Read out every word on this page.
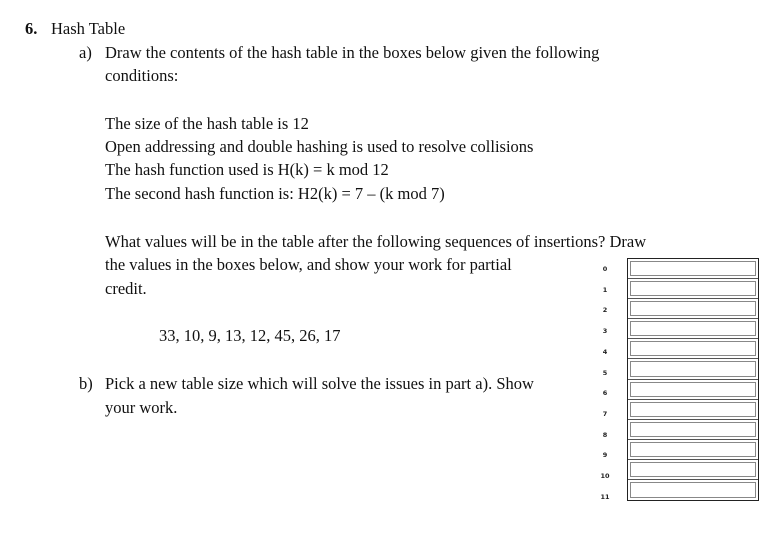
6. Hash Table
a) Draw the contents of the hash table in the boxes below given the following
conditions:
The size of the hash table is 12
Open addressing and double hashing is used to resolve collisions
The hash function used is H(k) = k mod 12
The second hash function is: H2(k) = 7 – (k mod 7)
What values will be in the table after the following sequences of insertions? Draw
the values in the boxes below, and show your work for partial
credit.
33, 10, 9, 13, 12, 45, 26, 17
b) Pick a new table size which will solve the issues in part a). Show
your work.
0
1
2
3
4
5
6
7
8
9
10
11
